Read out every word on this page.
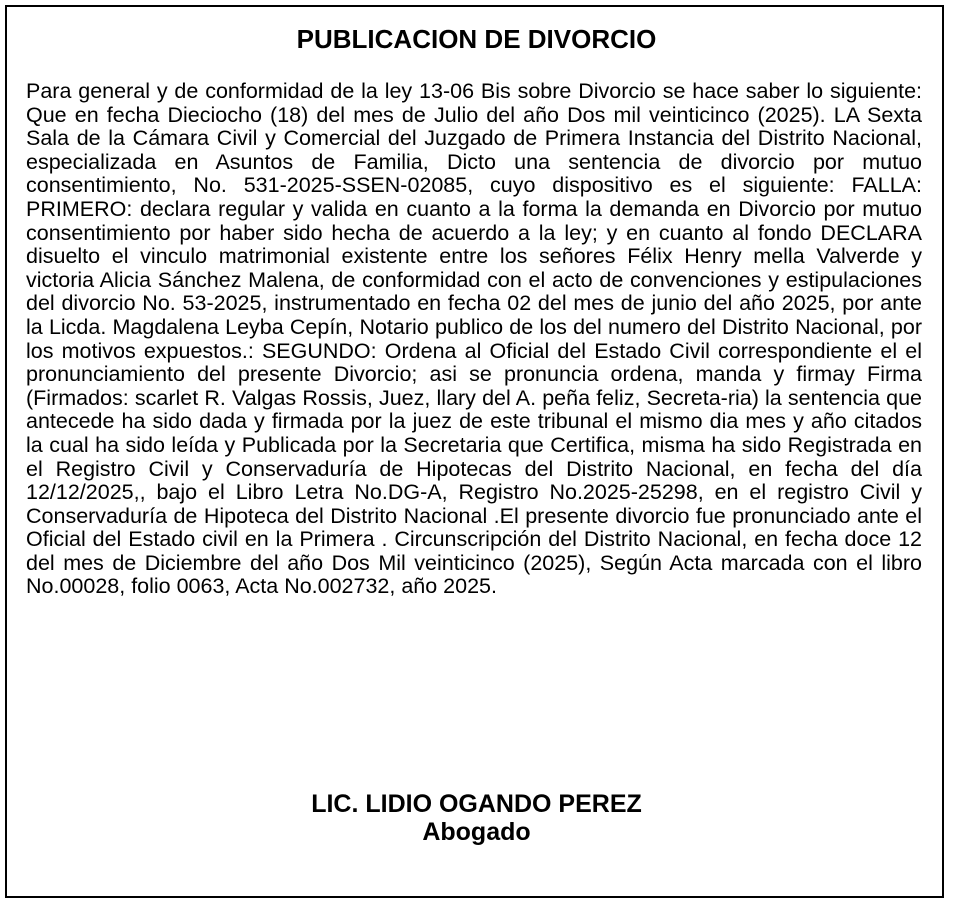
PUBLICACION DE DIVORCIO

Para general y de conformidad de la ley 13-06 Bis sobre Divorcio se hace saber lo siguiente: Que en fecha Dieciocho (18) del mes de Julio del año Dos mil veinticinco (2025). LA Sexta Sala de la Cámara Civil y Comercial del Juzgado de Primera Instancia del Distrito Nacional, especializada en Asuntos de Familia, Dicto una sentencia de divorcio por mutuo consentimiento, No. 531-2025-SSEN-02085, cuyo dispositivo es el siguiente: FALLA: PRIMERO: declara regular y valida en cuanto a la forma la demanda en Divorcio por mutuo consentimiento por haber sido hecha de acuerdo a la ley; y en cuanto al fondo DECLARA disuelto el vinculo matrimonial existente entre los señores Félix Henry mella Valverde y victoria Alicia Sánchez Malena, de conformidad con el acto de convenciones y estipulaciones del divorcio No. 53-2025, instrumentado en fecha 02 del mes de junio del año 2025, por ante la Licda. Magdalena Leyba Cepín, Notario publico de los del numero del Distrito Nacional, por los motivos expuestos.: SEGUNDO: Ordena al Oficial del Estado Civil correspondiente el el pronunciamiento del presente Divorcio; asi se pronuncia ordena, manda y firmay Firma (Firmados: scarlet R. Valgas Rossis, Juez, llary del A. peña feliz, Secreta-ria) la sentencia que antecede ha sido dada y firmada por la juez de este tribunal el mismo dia mes y año citados la cual ha sido leída y Publicada por la Secretaria que Certifica, misma ha sido Registrada en el Registro Civil y Conservaduría de Hipotecas del Distrito Nacional, en fecha del día 12/12/2025,, bajo el Libro Letra No.DG-A, Registro No.2025-25298, en el registro Civil y Conservaduría de Hipoteca del Distrito Nacional .El presente divorcio fue pronunciado ante el Oficial del Estado civil en la Primera . Circunscripción del Distrito Nacional, en fecha doce 12 del mes de Diciembre del año Dos Mil veinticinco (2025), Según Acta marcada con el libro No.00028, folio 0063, Acta No.002732, año 2025.

LIC. LIDIO OGANDO PEREZ
Abogado
